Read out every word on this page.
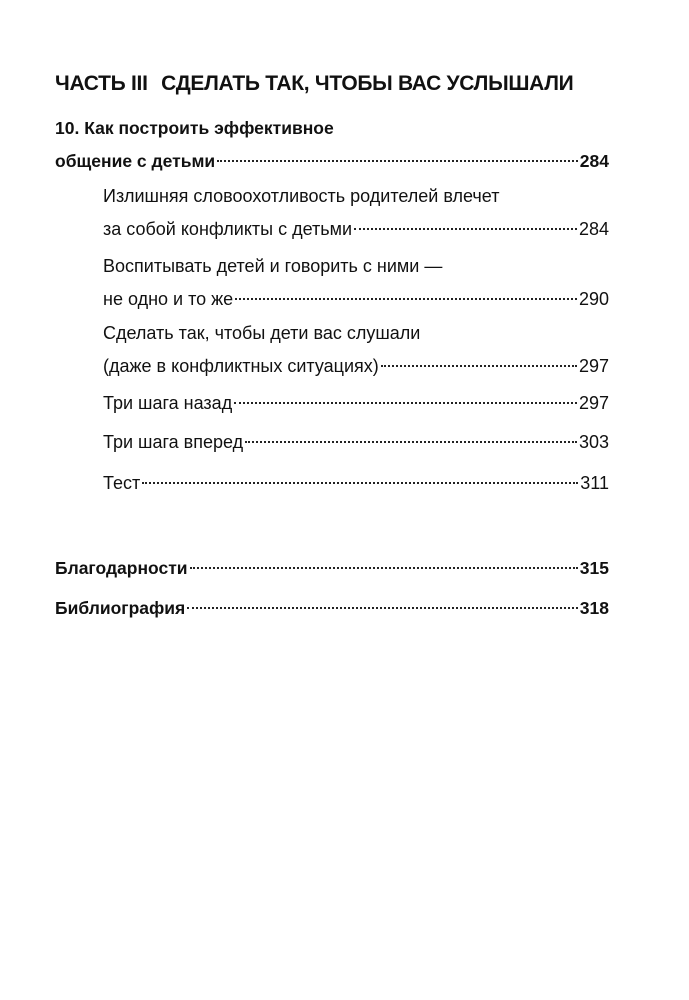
ЧАСТЬ III СДЕЛАТЬ ТАК, ЧТОБЫ ВАС УСЛЫШАЛИ
10. Как построить эффективное
общение с детьми	284
Излишняя словоохотливость родителей влечет
за собой конфликты с детьми	284
Воспитывать детей и говорить с ними —
не одно и то же	290
Сделать так, чтобы дети вас слушали
(даже в конфликтных ситуациях)	297
Три шага назад	297
Три шага вперед	303
Тест	311
Благодарности	315
Библиография	318
